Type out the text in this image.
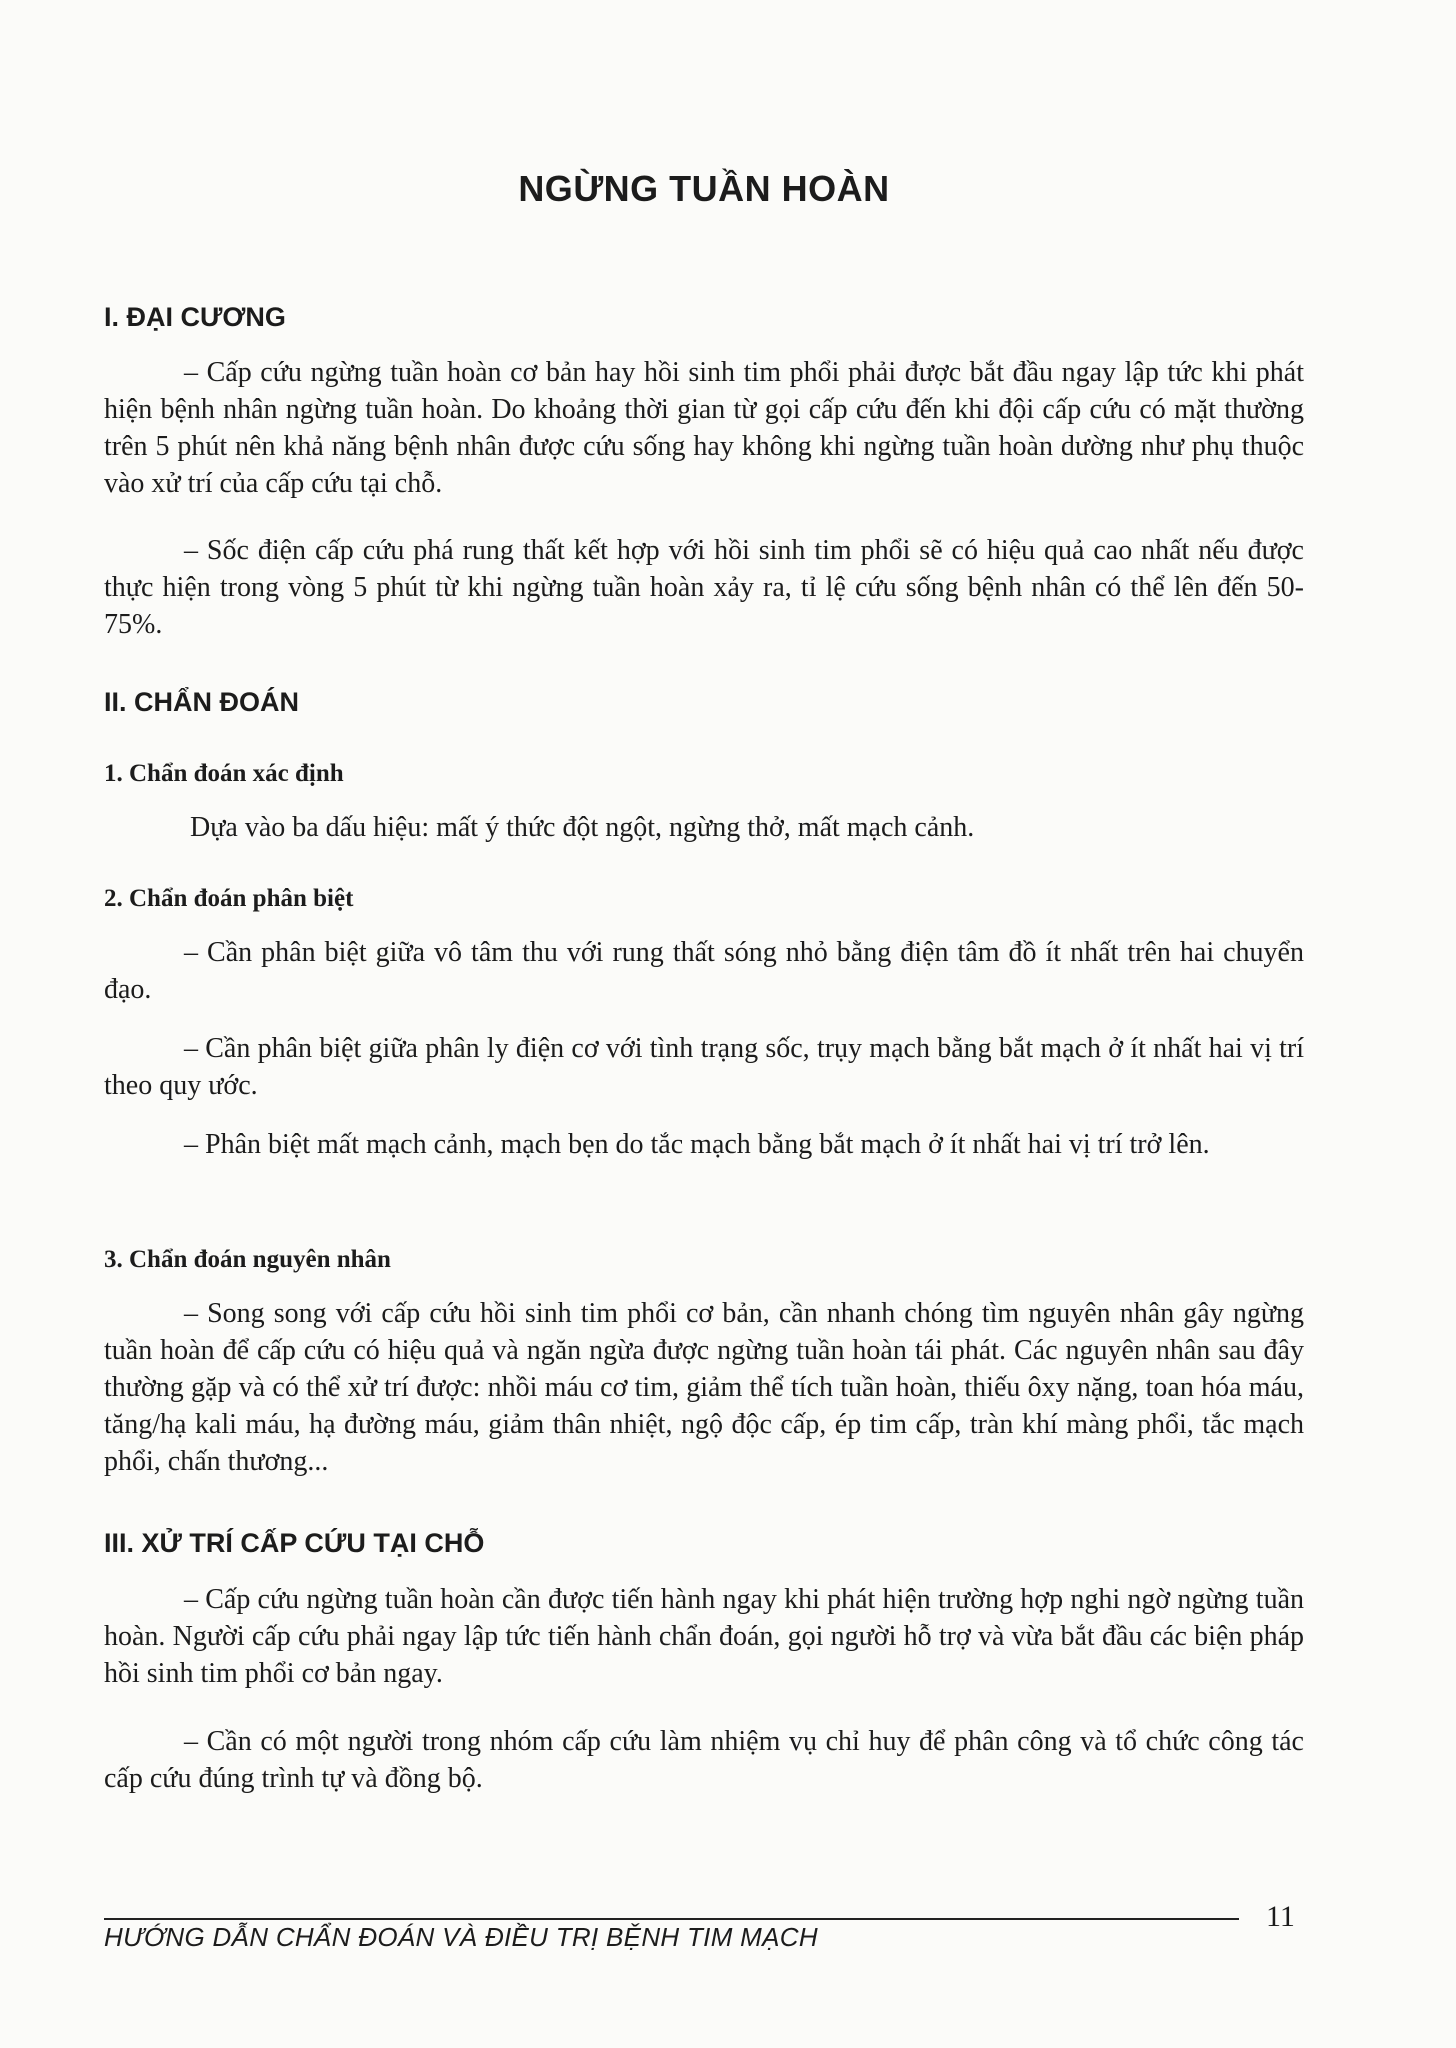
NGỪNG TUẦN HOÀN
I. ĐẠI CƯƠNG

– Cấp cứu ngừng tuần hoàn cơ bản hay hồi sinh tim phổi phải được bắt đầu ngay lập tức khi phát hiện bệnh nhân ngừng tuần hoàn. Do khoảng thời gian từ gọi cấp cứu đến khi đội cấp cứu có mặt thường trên 5 phút nên khả năng bệnh nhân được cứu sống hay không khi ngừng tuần hoàn dường như phụ thuộc vào xử trí của cấp cứu tại chỗ.

– Sốc điện cấp cứu phá rung thất kết hợp với hồi sinh tim phổi sẽ có hiệu quả cao nhất nếu được thực hiện trong vòng 5 phút từ khi ngừng tuần hoàn xảy ra, tỉ lệ cứu sống bệnh nhân có thể lên đến 50-75%.

II. CHẨN ĐOÁN
1. Chẩn đoán xác định

Dựa vào ba dấu hiệu: mất ý thức đột ngột, ngừng thở, mất mạch cảnh.

2. Chẩn đoán phân biệt

– Cần phân biệt giữa vô tâm thu với rung thất sóng nhỏ bằng điện tâm đồ ít nhất trên hai chuyển đạo.

– Cần phân biệt giữa phân ly điện cơ với tình trạng sốc, trụy mạch bằng bắt mạch ở ít nhất hai vị trí theo quy ước.

– Phân biệt mất mạch cảnh, mạch bẹn do tắc mạch bằng bắt mạch ở ít nhất hai vị trí trở lên.

3. Chẩn đoán nguyên nhân

– Song song với cấp cứu hồi sinh tim phổi cơ bản, cần nhanh chóng tìm nguyên nhân gây ngừng tuần hoàn để cấp cứu có hiệu quả và ngăn ngừa được ngừng tuần hoàn tái phát. Các nguyên nhân sau đây thường gặp và có thể xử trí được: nhồi máu cơ tim, giảm thể tích tuần hoàn, thiếu ôxy nặng, toan hóa máu, tăng/hạ kali máu, hạ đường máu, giảm thân nhiệt, ngộ độc cấp, ép tim cấp, tràn khí màng phổi, tắc mạch phổi, chấn thương...

III. XỬ TRÍ CẤP CỨU TẠI CHỖ

– Cấp cứu ngừng tuần hoàn cần được tiến hành ngay khi phát hiện trường hợp nghi ngờ ngừng tuần hoàn. Người cấp cứu phải ngay lập tức tiến hành chẩn đoán, gọi người hỗ trợ và vừa bắt đầu các biện pháp hồi sinh tim phổi cơ bản ngay.

– Cần có một người trong nhóm cấp cứu làm nhiệm vụ chỉ huy để phân công và tổ chức công tác cấp cứu đúng trình tự và đồng bộ.

HƯỚNG DẪN CHẨN ĐOÁN VÀ ĐIỀU TRỊ BỆNH TIM MẠCH
11
